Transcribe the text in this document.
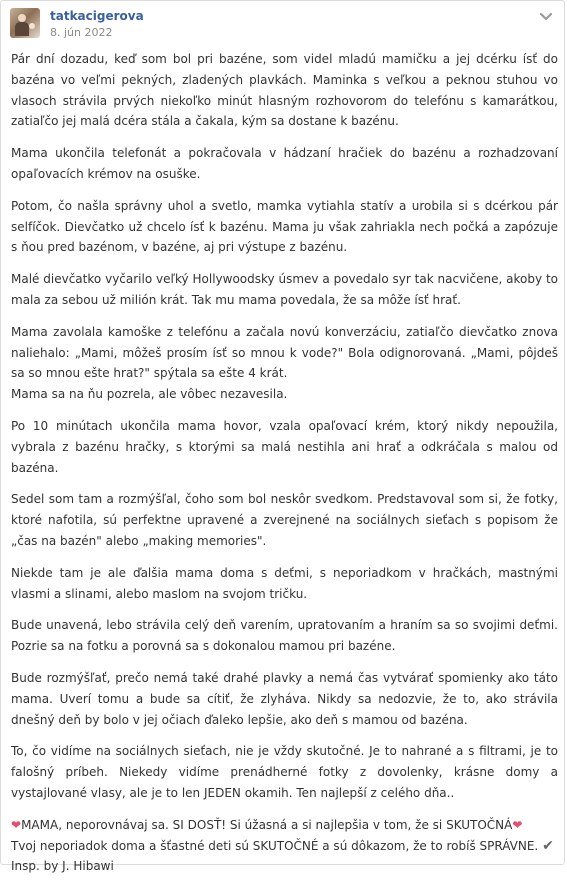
tatkacigerova
8. jún 2022

Pár dní dozadu, keď som bol pri bazéne, som videl mladú mamičku a jej dcérku ísť do bazéna vo veľmi pekných, zladených plavkách. Maminka s veľkou a peknou stuhou vo vlasoch strávila prvých niekoľko minút hlasným rozhovorom do telefónu s kamarátkou, zatiaľčo jej malá dcéra stála a čakala, kým sa dostane k bazénu.

Mama ukončila telefonát a pokračovala v hádzaní hračiek do bazénu a rozhadzovaní opaľovacích krémov na osuške.

Potom, čo našla správny uhol a svetlo, mamka vytiahla statív a urobila si s dcérkou pár selfíčok. Dievčatko už chcelo ísť k bazénu. Mama ju však zahriakla nech počká a zapózuje s ňou pred bazénom, v bazéne, aj pri výstupe z bazénu.

Malé dievčatko vyčarilo veľký Hollywoodsky úsmev a povedalo syr tak nacvičene, akoby to mala za sebou už milión krát. Tak mu mama povedala, že sa môže ísť hrať.

Mama zavolala kamoške z telefónu a začala novú konverzáciu, zatiaľčo dievčatko znova naliehalo: „Mami, môžeš prosím ísť so mnou k vode?" Bola odignorovaná. „Mami, pôjdeš sa so mnou ešte hrat?" spýtala sa ešte 4 krát.

Mama sa na ňu pozrela, ale vôbec nezavesila.

Po 10 minútach ukončila mama hovor, vzala opaľovací krém, ktorý nikdy nepoužila, vybrala z bazénu hračky, s ktorými sa malá nestihla ani hrať a odkráčala s malou od bazéna.

Sedel som tam a rozmýšľal, čoho som bol neskôr svedkom. Predstavoval som si, že fotky, ktoré nafotila, sú perfektne upravené a zverejnené na sociálnych sieťach s popisom že „čas na bazén" alebo „making memories".

Niekde tam je ale ďalšia mama doma s deťmi, s neporiadkom v hračkách, mastnými vlasmi a slinami, alebo maslom na svojom tričku.

Bude unavená, lebo strávila celý deň varením, upratovaním a hraním sa so svojimi deťmi. Pozrie sa na fotku a porovná sa s dokonalou mamou pri bazéne.

Bude rozmýšľať, prečo nemá také drahé plavky a nemá čas vytvárať spomienky ako táto mama. Uverí tomu a bude sa cítiť, že zlyháva. Nikdy sa nedozvie, že to, ako strávila dnešný deň by bolo v jej očiach ďaleko lepšie, ako deň s mamou od bazéna.

To, čo vidíme na sociálnych sieťach, nie je vždy skutočné. Je to nahrané a s filtrami, je to falošný príbeh. Niekedy vidíme prenádherné fotky z dovolenky, krásne domy a vystajlované vlasy, ale je to len JEDEN okamih. Ten najlepší z celého dňa..

❤MAMA, neporovnávaj sa. SI DOSŤ! Si úžasná a si najlepšia v tom, že si SKUTOČNÁ❤

Tvoj neporiadok doma a šťastné deti sú SKUTOČNÉ a sú dôkazom, že to robíš SPRÁVNE. ✔

Insp. by J. Hibawi
